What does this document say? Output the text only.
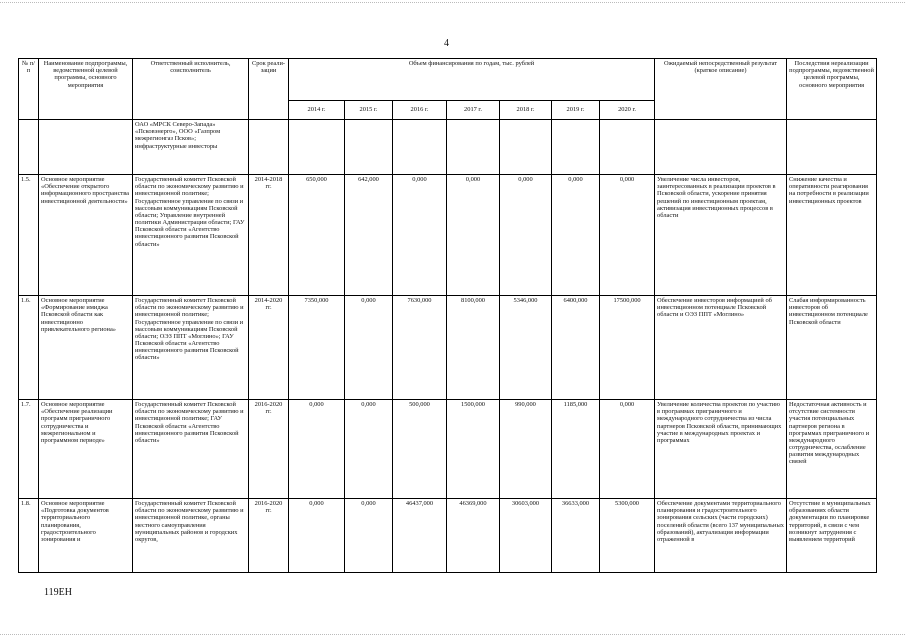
4
№ п/п	Наименование подпрограммы, ведомственной целевой программы, основного мероприятия	Ответственный исполнитель, соисполнитель	Срок реали-зации	Объем финансирования по годам, тыс. рублей							Ожидаемый непосредственный результат (краткое описание)	Последствия нереализации подпрограммы, ведомственной целевой программы, основного мероприятия
				2014 г.	2015 г.	2016 г.	2017 г.	2018 г.	2019 г.	2020 г.		
		ОАО «МРСК Северо-Запада» «Псковэнерго», ООО «Газпром межрегионгаз Псков»; инфраструктурные инвесторы										
1.5.	Основное мероприятие «Обеспечение открытого информационного пространства инвестиционной деятельности»	Государственный комитет Псковской области по экономическому развитию и инвестиционной политике; Государственное управление по связи и массовым коммуникациям Псковской области; Управление внутренней политики Администрации области; ГАУ Псковской области «Агентство инвестиционного развития Псковской области»	2014-2018 гг.	650,000	642,000	0,000	0,000	0,000	0,000	0,000	Увеличение числа инвесторов, заинтересованных в реализации проектов в Псковской области, ускорение принятия решений по инвестиционным проектам, активизация инвестиционных процессов в области	Снижение качества и оперативности реагирования на потребности в реализации инвестиционных проектов
1.6.	Основное мероприятие «Формирование имиджа Псковской области как инвестиционно привлекательного региона»	Государственный комитет Псковской области по экономическому развитию и инвестиционной политике; Государственное управление по связи и массовым коммуникациям Псковской области; ОЭЗ ППТ «Моглино»; ГАУ Псковской области «Агентство инвестиционного развития Псковской области»	2014-2020 гг.	7350,000	0,000	7630,000	8100,000	5346,000	6400,000	17500,000	Обеспечение инвесторов информацией об инвестиционном потенциале Псковской области и ОЭЗ ППТ «Моглино»	Слабая информированность инвесторов об инвестиционном потенциале Псковской области
1.7.	Основное мероприятие «Обеспечение реализации программ приграничного сотрудничества и межрегиональном и программном периоде»	Государственный комитет Псковской области по экономическому развитию и инвестиционной политике; ГАУ Псковской области «Агентство инвестиционного развития Псковской области»	2016-2020 гг.	0,000	0,000	500,000	1500,000	990,000	1185,000	0,000	Увеличение количества проектов по участию в программах приграничного и международного сотрудничества из числа партнеров Псковской области, принимающих участие в международных проектах и программах	Недостаточная активность и отсутствие системности участия потенциальных партнеров региона в программах приграничного и международного сотрудничества, ослабление развития международных связей
1.8.	Основное мероприятие «Подготовка документов территориального планирования, градостроительного зонирования и	Государственный комитет Псковской области по экономическому развитию и инвестиционной политике, органы местного самоуправления муниципальных районов и городских округов,	2016-2020 гг.	0,000	0,000	46437,000	46369,000	30603,000	36633,000	5300,000	Обеспечение документами территориального планирования и градостроительного зонирования сельских (части городских) поселений области (всего 137 муниципальных образований), актуализация информации отраженной в	Отсутствие в муниципальных образованиях области документации по планировке территорий, в связи с чем возникнут затруднения с выявлением территорий
119ЕН
